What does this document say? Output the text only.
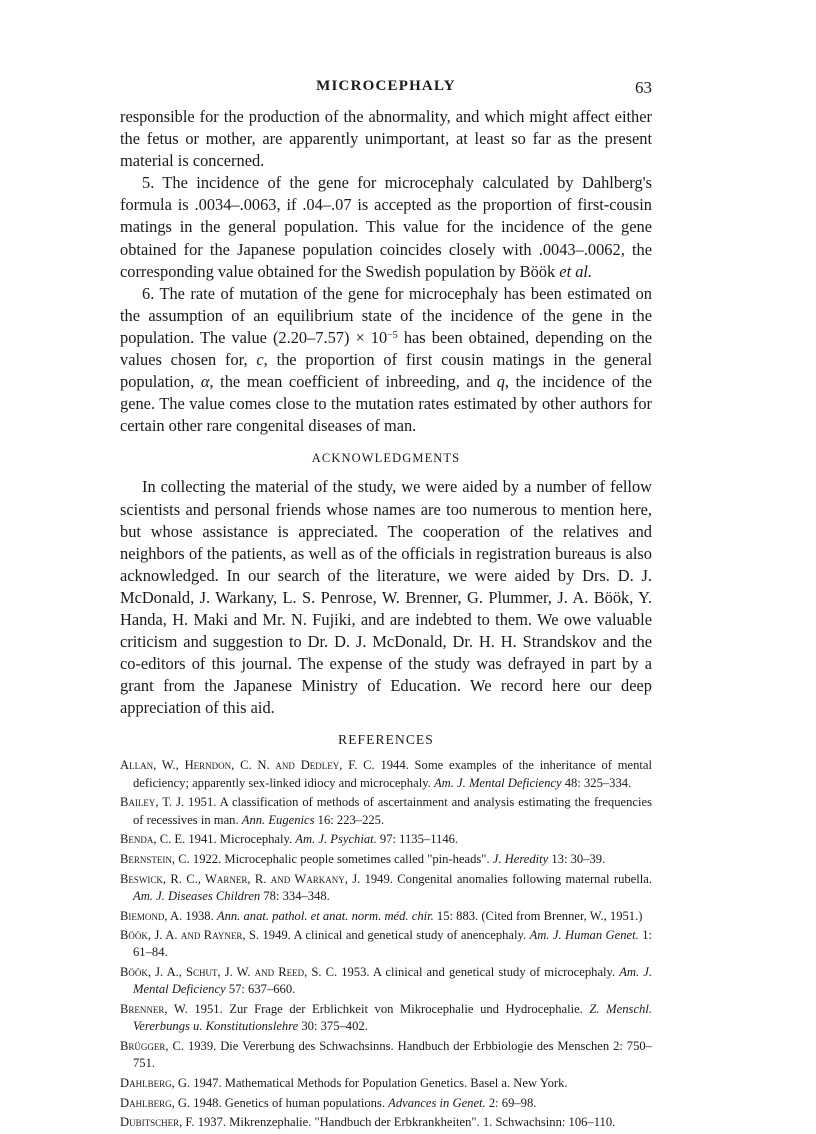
MICROCEPHALY	63

responsible for the production of the abnormality, and which might affect either the fetus or mother, are apparently unimportant, at least so far as the present material is concerned.

5. The incidence of the gene for microcephaly calculated by Dahlberg's formula is .0034–.0063, if .04–.07 is accepted as the proportion of first-cousin matings in the general population. This value for the incidence of the gene obtained for the Japanese population coincides closely with .0043–.0062, the corresponding value obtained for the Swedish population by Böök et al.

6. The rate of mutation of the gene for microcephaly has been estimated on the assumption of an equilibrium state of the incidence of the gene in the population. The value $(2.20-7.57) \times 10^{-5}$ has been obtained, depending on the values chosen for, c, the proportion of first cousin matings in the general population, α, the mean coefficient of inbreeding, and q, the incidence of the gene. The value comes close to the mutation rates estimated by other authors for certain other rare congenital diseases of man.

ACKNOWLEDGMENTS

In collecting the material of the study, we were aided by a number of fellow scientists and personal friends whose names are too numerous to mention here, but whose assistance is appreciated. The cooperation of the relatives and neighbors of the patients, as well as of the officials in registration bureaus is also acknowledged. In our search of the literature, we were aided by Drs. D. J. McDonald, J. Warkany, L. S. Penrose, W. Brenner, G. Plummer, J. A. Böök, Y. Handa, H. Maki and Mr. N. Fujiki, and are indebted to them. We owe valuable criticism and suggestion to Dr. D. J. McDonald, Dr. H. H. Strandskov and the co-editors of this journal. The expense of the study was defrayed in part by a grant from the Japanese Ministry of Education. We record here our deep appreciation of this aid.

REFERENCES
Allan, W., Herndon, C. N. and Dedley, F. C. 1944. Some examples of the inheritance of mental deficiency; apparently sex-linked idiocy and microcephaly. Am. J. Mental Deficiency 48: 325–334.
Bailey, T. J. 1951. A classification of methods of ascertainment and analysis estimating the frequencies of recessives in man. Ann. Eugenics 16: 223–225.
Benda, C. E. 1941. Microcephaly. Am. J. Psychiat. 97: 1135–1146.
Bernstein, C. 1922. Microcephalic people sometimes called "pin-heads". J. Heredity 13: 30–39.
Beswick, R. C., Warner, R. and Warkany, J. 1949. Congenital anomalies following maternal rubella. Am. J. Diseases Children 78: 334–348.
Biemond, A. 1938. Ann. anat. pathol. et anat. norm. méd. chir. 15: 883. (Cited from Brenner, W., 1951.)
Böök, J. A. and Rayner, S. 1949. A clinical and genetical study of anencephaly. Am. J. Human Genet. 1: 61–84.
Böök, J. A., Schut, J. W. and Reed, S. C. 1953. A clinical and genetical study of microcephaly. Am. J. Mental Deficiency 57: 637–660.
Brenner, W. 1951. Zur Frage der Erblichkeit von Mikrocephalie und Hydrocephalie. Z. Menschl. Vererbungs u. Konstitutionslehre 30: 375–402.
Brügger, C. 1939. Die Vererbung des Schwachsinns. Handbuch der Erbbiologie des Menschen 2: 750–751.
Dahlberg, G. 1947. Mathematical Methods for Population Genetics. Basel a. New York.
Dahlberg, G. 1948. Genetics of human populations. Advances in Genet. 2: 69–98.
Dubitscher, F. 1937. Mikrenzephalie. "Handbuch der Erbkrankheiten". 1. Schwachsinn: 106–110.
